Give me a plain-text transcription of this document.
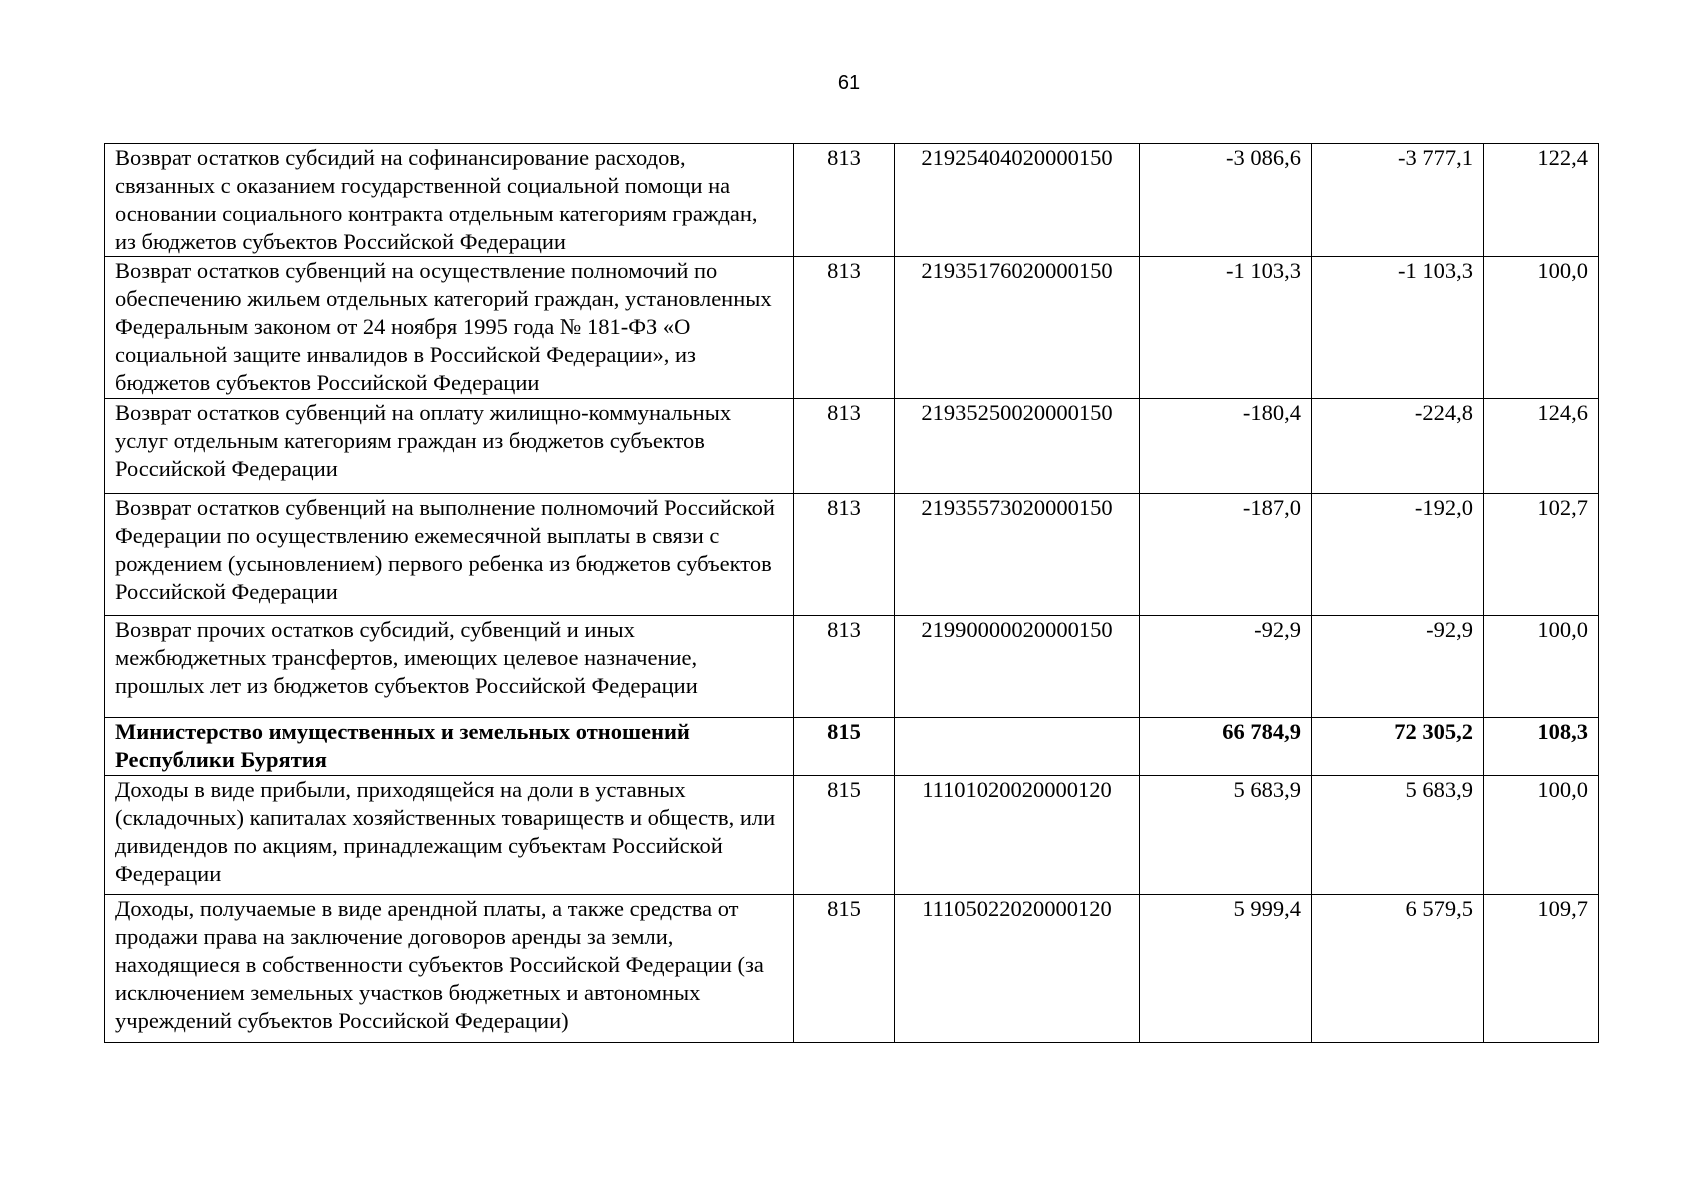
61
Возврат остатков субсидий на софинансирование расходов, связанных с оказанием государственной социальной помощи на основании социального контракта отдельным категориям граждан, из бюджетов субъектов Российской Федерации	813	21925404020000150	-3 086,6	-3 777,1	122,4
Возврат остатков субвенций на осуществление полномочий по обеспечению жильем отдельных категорий граждан, установленных Федеральным законом от 24 ноября 1995 года № 181-ФЗ «О социальной защите инвалидов в Российской Федерации», из бюджетов субъектов Российской Федерации	813	21935176020000150	-1 103,3	-1 103,3	100,0
Возврат остатков субвенций на оплату жилищно-коммунальных услуг отдельным категориям граждан из бюджетов субъектов Российской Федерации	813	21935250020000150	-180,4	-224,8	124,6
Возврат остатков субвенций на выполнение полномочий Российской Федерации по осуществлению ежемесячной выплаты в связи с рождением (усыновлением) первого ребенка из бюджетов субъектов Российской Федерации	813	21935573020000150	-187,0	-192,0	102,7
Возврат прочих остатков субсидий, субвенций и иных межбюджетных трансфертов, имеющих целевое назначение, прошлых лет из бюджетов субъектов Российской Федерации	813	21990000020000150	-92,9	-92,9	100,0
Министерство имущественных и земельных отношений Республики Бурятия	815		66 784,9	72 305,2	108,3
Доходы в виде прибыли, приходящейся на доли в уставных (складочных) капиталах хозяйственных товариществ и обществ, или дивидендов по акциям, принадлежащим субъектам Российской Федерации	815	11101020020000120	5 683,9	5 683,9	100,0
Доходы, получаемые в виде арендной платы, а также средства от продажи права на заключение договоров аренды за земли, находящиеся в собственности субъектов Российской Федерации (за исключением земельных участков бюджетных и автономных учреждений субъектов Российской Федерации)	815	11105022020000120	5 999,4	6 579,5	109,7
